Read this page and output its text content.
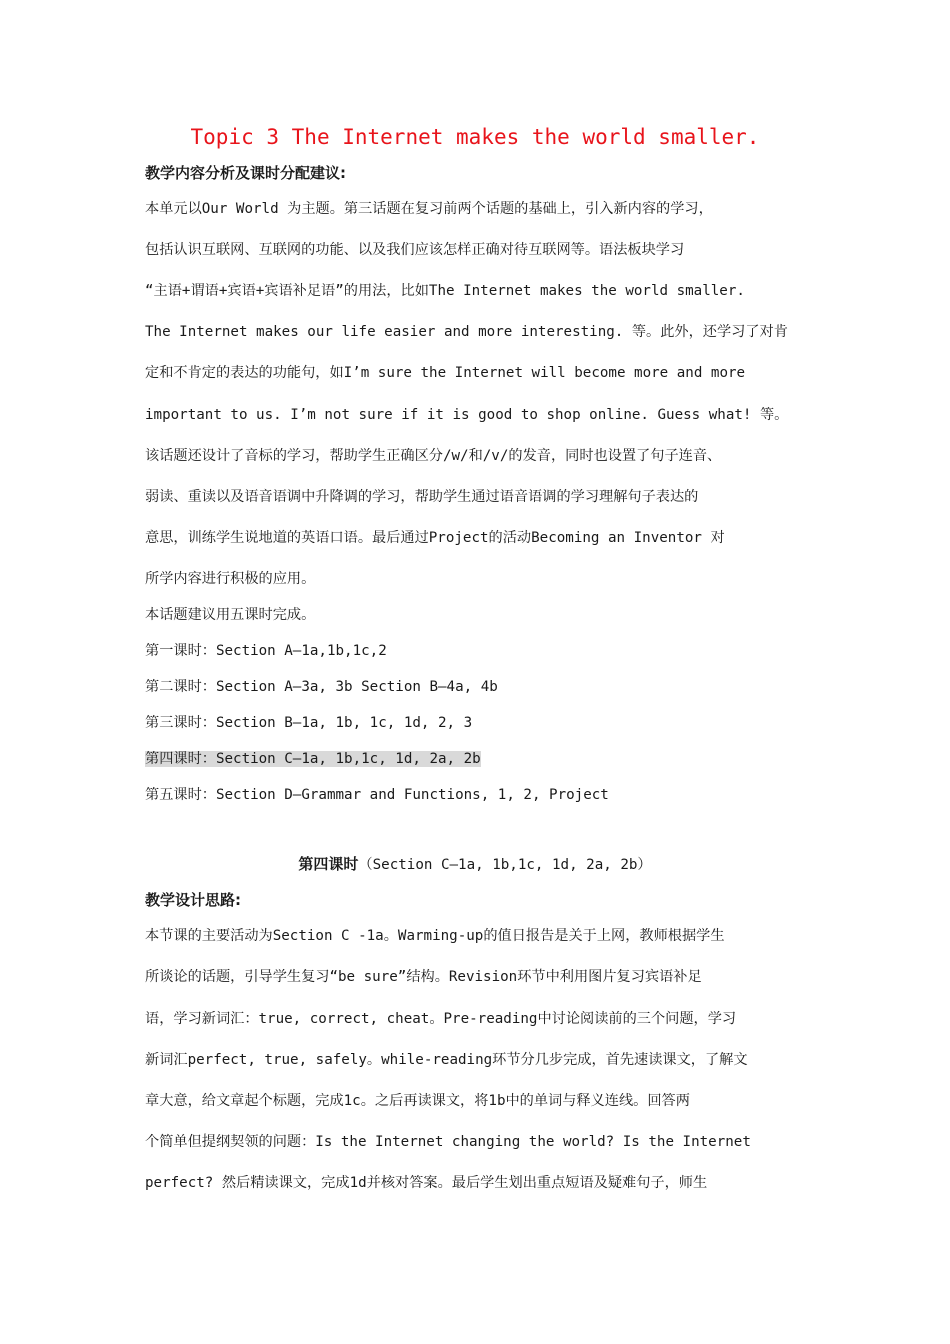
Topic 3 The Internet makes the world smaller.
教学内容分析及课时分配建议:
本单元以Our World 为主题。第三话题在复习前两个话题的基础上，引入新内容的学习，
包括认识互联网、互联网的功能、以及我们应该怎样正确对待互联网等。语法板块学习
“主语+谓语+宾语+宾语补足语”的用法，比如The Internet makes the world smaller.
The Internet makes our life easier and more interesting. 等。此外，还学习了对肯
定和不肯定的表达的功能句，如I’m sure the Internet will become more and more
important to us. I’m not sure if it is good to shop online. Guess what! 等。
该话题还设计了音标的学习，帮助学生正确区分/w/和/v/的发音，同时也设置了句子连音、
弱读、重读以及语音语调中升降调的学习，帮助学生通过语音语调的学习理解句子表达的
意思，训练学生说地道的英语口语。最后通过Project的活动Becoming an Inventor 对
所学内容进行积极的应用。
本话题建议用五课时完成。
第一课时：Section A—1a,1b,1c,2
第二课时：Section A—3a, 3b Section B—4a, 4b
第三课时：Section B—1a, 1b, 1c, 1d, 2, 3
第四课时：Section C—1a, 1b,1c, 1d, 2a, 2b
第五课时：Section D—Grammar and Functions, 1, 2, Project
第四课时（Section C—1a, 1b,1c, 1d, 2a, 2b）
教学设计思路:
本节课的主要活动为Section C -1a。Warming-up的值日报告是关于上网，教师根据学生
所谈论的话题，引导学生复习“be sure”结构。Revision环节中利用图片复习宾语补足
语，学习新词汇：true, correct, cheat。Pre-reading中讨论阅读前的三个问题，学习
新词汇perfect, true, safely。while-reading环节分几步完成，首先速读课文，了解文
章大意，给文章起个标题，完成1c。之后再读课文，将1b中的单词与释义连线。回答两
个简单但提纲契领的问题：Is the Internet changing the world? Is the Internet
perfect? 然后精读课文，完成1d并核对答案。最后学生划出重点短语及疑难句子，师生
